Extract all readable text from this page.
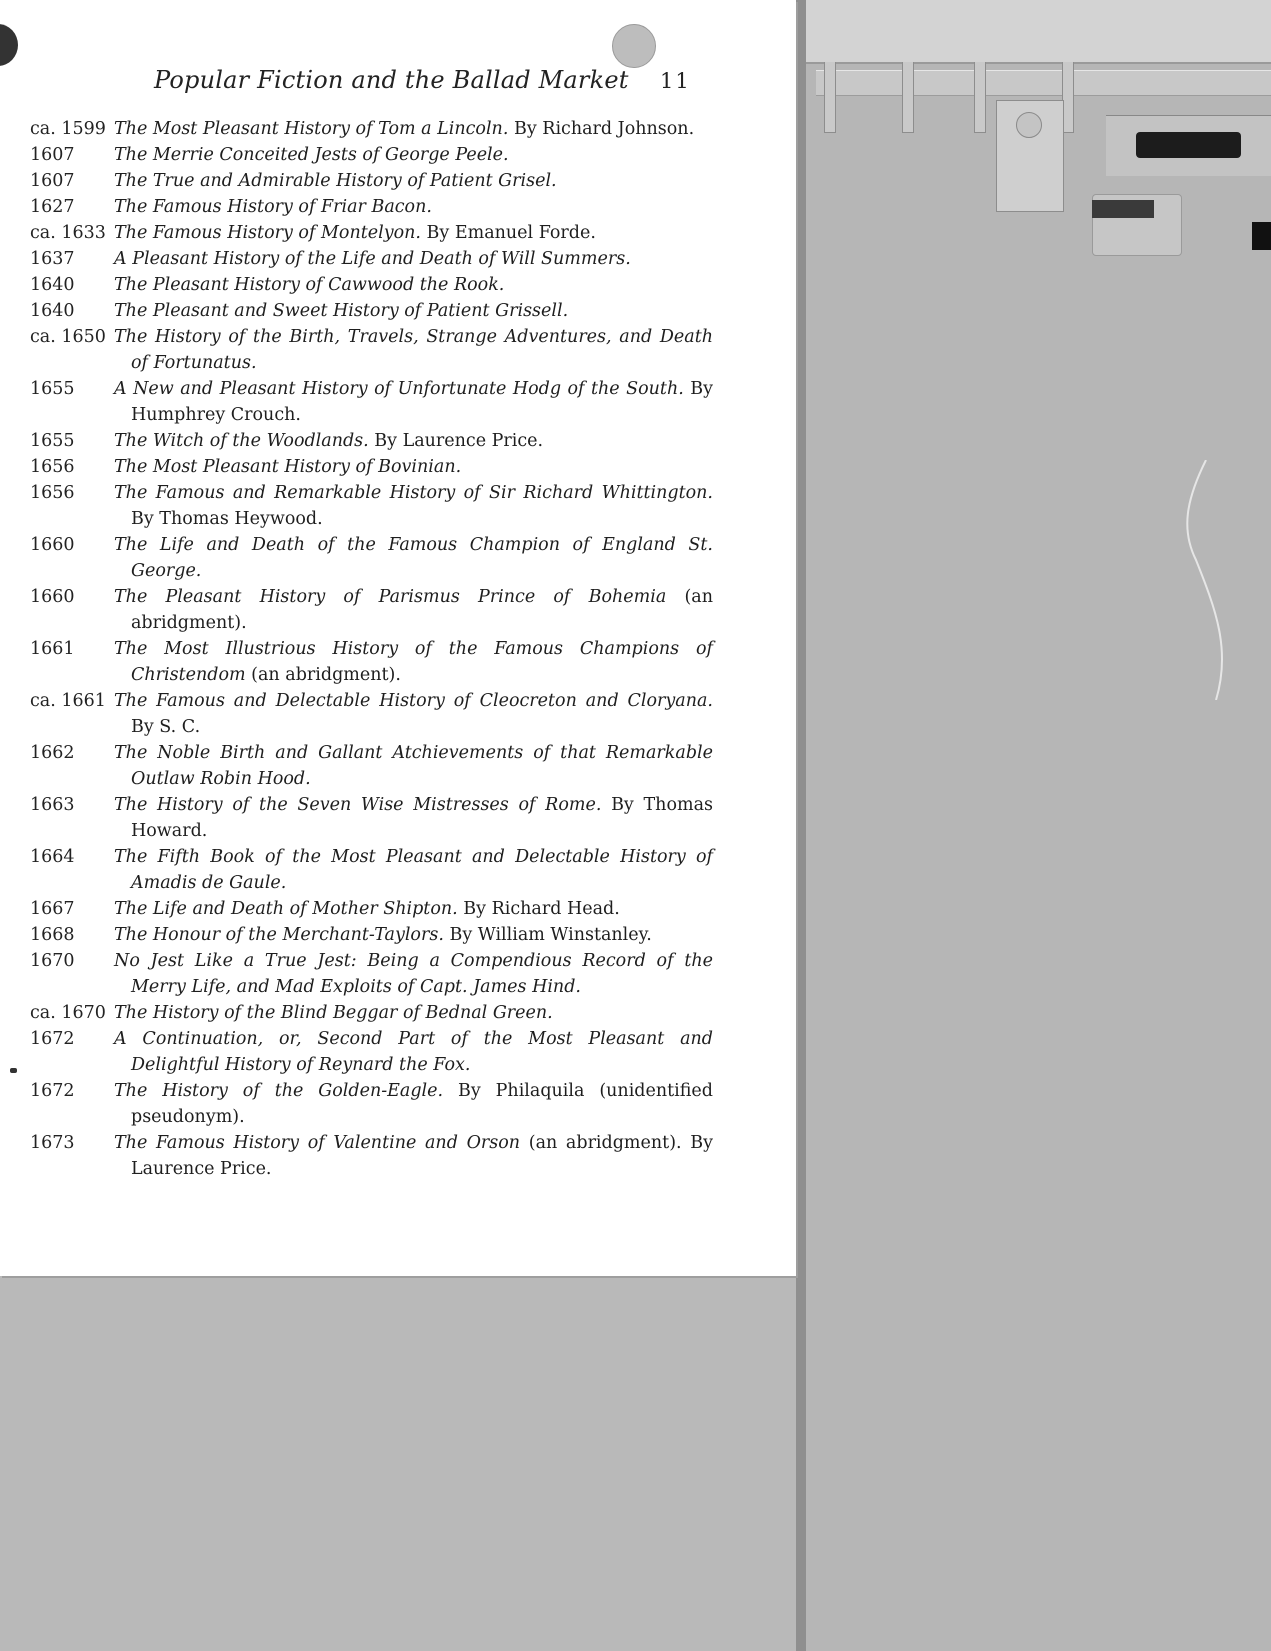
Popular Fiction and the Ballad Market 11
ca. 1599 The Most Pleasant History of Tom a Lincoln. By Richard Johnson.
1607 The Merrie Conceited Jests of George Peele.
1607 The True and Admirable History of Patient Grisel.
1627 The Famous History of Friar Bacon.
ca. 1633 The Famous History of Montelyon. By Emanuel Forde.
1637 A Pleasant History of the Life and Death of Will Summers.
1640 The Pleasant History of Cawwood the Rook.
1640 The Pleasant and Sweet History of Patient Grissell.
ca. 1650 The History of the Birth, Travels, Strange Adventures, and Death of Fortunatus.
1655 A New and Pleasant History of Unfortunate Hodg of the South. By Humphrey Crouch.
1655 The Witch of the Woodlands. By Laurence Price.
1656 The Most Pleasant History of Bovinian.
1656 The Famous and Remarkable History of Sir Richard Whittington. By Thomas Heywood.
1660 The Life and Death of the Famous Champion of England St. George.
1660 The Pleasant History of Parismus Prince of Bohemia (an abridgment).
1661 The Most Illustrious History of the Famous Champions of Christendom (an abridgment).
ca. 1661 The Famous and Delectable History of Cleocreton and Cloryana. By S. C.
1662 The Noble Birth and Gallant Atchievements of that Remarkable Outlaw Robin Hood.
1663 The History of the Seven Wise Mistresses of Rome. By Thomas Howard.
1664 The Fifth Book of the Most Pleasant and Delectable History of Amadis de Gaule.
1667 The Life and Death of Mother Shipton. By Richard Head.
1668 The Honour of the Merchant-Taylors. By William Winstanley.
1670 No Jest Like a True Jest: Being a Compendious Record of the Merry Life, and Mad Exploits of Capt. James Hind.
ca. 1670 The History of the Blind Beggar of Bednal Green.
1672 A Continuation, or, Second Part of the Most Pleasant and Delightful History of Reynard the Fox.
1672 The History of the Golden-Eagle. By Philaquila (unidentified pseudonym).
1673 The Famous History of Valentine and Orson (an abridgment). By Laurence Price.
